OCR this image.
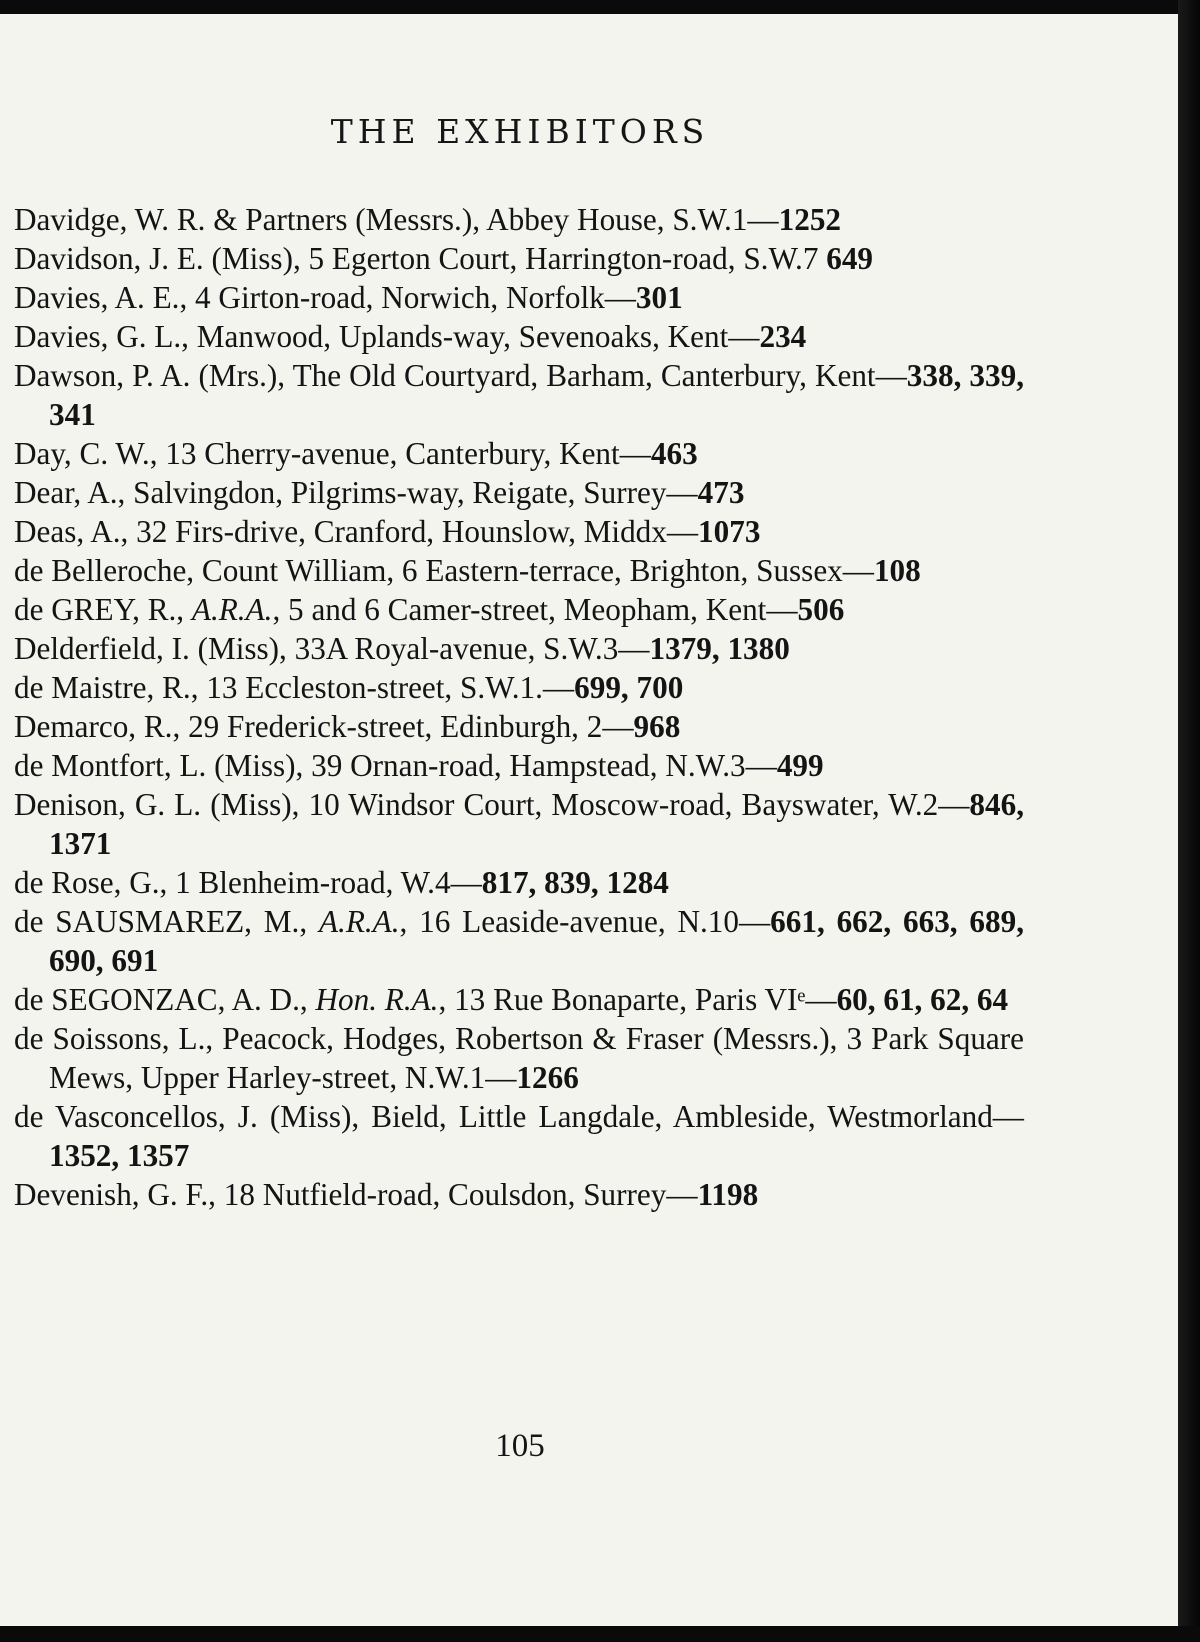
THE EXHIBITORS
Davidge, W. R. & Partners (Messrs.), Abbey House, S.W.1—1252
Davidson, J. E. (Miss), 5 Egerton Court, Harrington-road, S.W.7 649
Davies, A. E., 4 Girton-road, Norwich, Norfolk—301
Davies, G. L., Manwood, Uplands-way, Sevenoaks, Kent—234
Dawson, P. A. (Mrs.), The Old Courtyard, Barham, Canterbury, Kent—338, 339, 341
Day, C. W., 13 Cherry-avenue, Canterbury, Kent—463
Dear, A., Salvingdon, Pilgrims-way, Reigate, Surrey—473
Deas, A., 32 Firs-drive, Cranford, Hounslow, Middx—1073
de Belleroche, Count William, 6 Eastern-terrace, Brighton, Sussex—108
de GREY, R., A.R.A., 5 and 6 Camer-street, Meopham, Kent—506
Delderfield, I. (Miss), 33A Royal-avenue, S.W.3—1379, 1380
de Maistre, R., 13 Eccleston-street, S.W.1.—699, 700
Demarco, R., 29 Frederick-street, Edinburgh, 2—968
de Montfort, L. (Miss), 39 Ornan-road, Hampstead, N.W.3—499
Denison, G. L. (Miss), 10 Windsor Court, Moscow-road, Bayswater, W.2—846, 1371
de Rose, G., 1 Blenheim-road, W.4—817, 839, 1284
de SAUSMAREZ, M., A.R.A., 16 Leaside-avenue, N.10—661, 662, 663, 689, 690, 691
de SEGONZAC, A. D., Hon. R.A., 13 Rue Bonaparte, Paris VIᵉ—60, 61, 62, 64
de Soissons, L., Peacock, Hodges, Robertson & Fraser (Messrs.), 3 Park Square Mews, Upper Harley-street, N.W.1—1266
de Vasconcellos, J. (Miss), Bield, Little Langdale, Ambleside, Westmorland—1352, 1357
Devenish, G. F., 18 Nutfield-road, Coulsdon, Surrey—1198
105
